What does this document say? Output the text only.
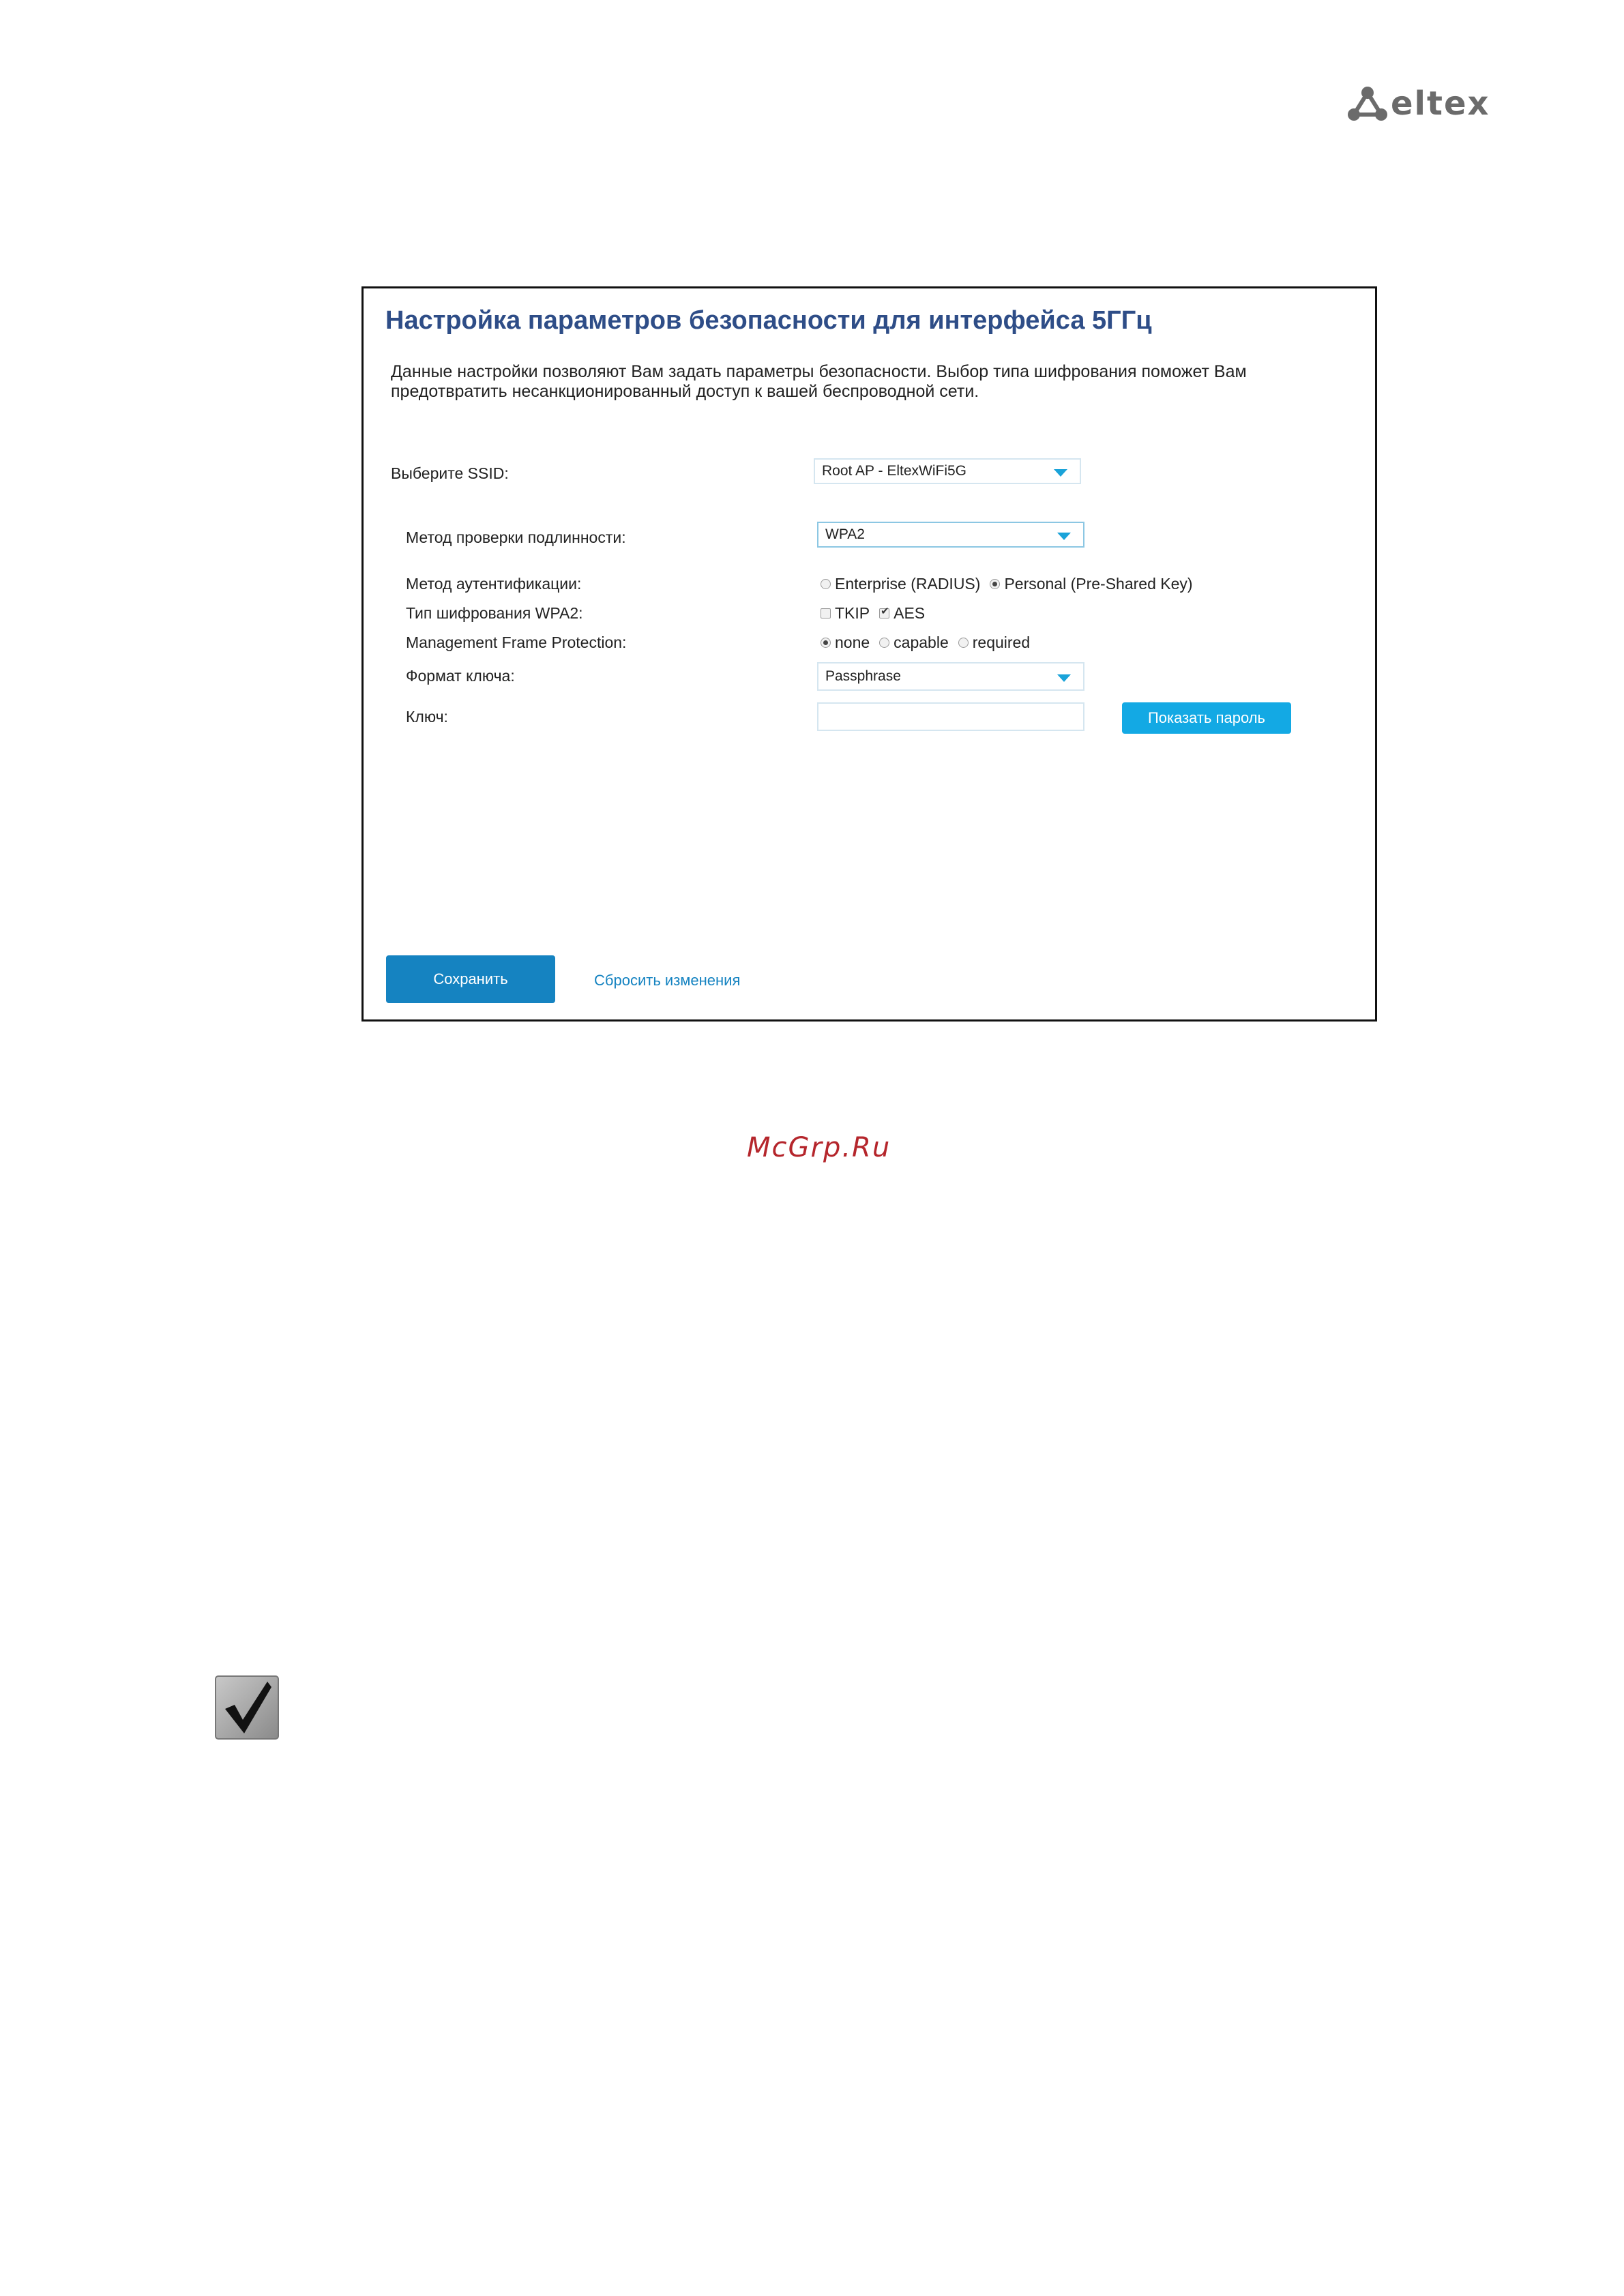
eltex
Настройка параметров безопасности для интерфейса 5ГГц
Данные настройки позволяют Вам задать параметры безопасности. Выбор типа шифрования поможет Вам предотвратить несанкционированный доступ к вашей беспроводной сети.
Выберите SSID:	Root AP - EltexWiFi5G
Метод проверки подлинности:	WPA2
Метод аутентификации:	Enterprise (RADIUS) Personal (Pre-Shared Key)
Тип шифрования WPA2:	TKIP
✔ AES
Management Frame Protection:	none capable required
Формат ключа:	Passphrase
Ключ:	Показать пароль
Сохранить	Сбросить изменения
McGrp.Ru
